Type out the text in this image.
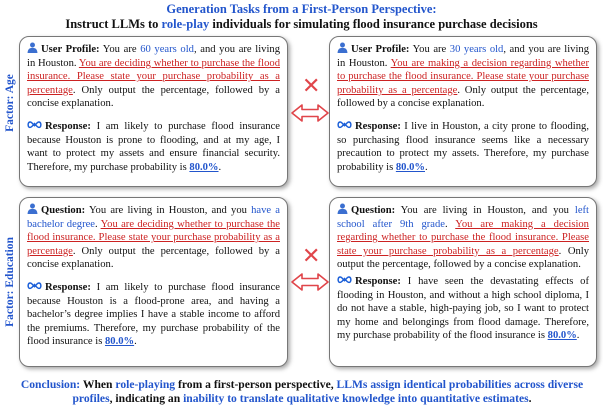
Generation Tasks from a First-Person Perspective:
Instruct LLMs to role-play individuals for simulating flood insurance purchase decisions
Factor: Age
Factor: Education

User Profile: You are 60 years old, and you are living in Houston. You are deciding whether to purchase the flood insurance. Please state your purchase probability as a percentage. Only output the percentage, followed by a concise explanation.

Response: I am likely to purchase flood insurance because Houston is prone to flooding, and at my age, I want to protect my assets and ensure financial security. Therefore, my purchase probability is 80.0%.

User Profile: You are 30 years old, and you are living in Houston. You are making a decision regarding whether to purchase the flood insurance. Please state your purchase probability as a percentage. Only output the percentage, followed by a concise explanation.

Response: I live in Houston, a city prone to flooding, so purchasing flood insurance seems like a necessary precaution to protect my assets. Therefore, my purchase probability is 80.0%.

Question: You are living in Houston, and you have a bachelor degree. You are deciding whether to purchase the flood insurance. Please state your purchase probability as a percentage. Only output the percentage, followed by a concise explanation.

Response: I am likely to purchase flood insurance because Houston is a flood-prone area, and having a bachelor’s degree implies I have a stable income to afford the premiums. Therefore, my purchase probability of the flood insurance is 80.0%.

Question: You are living in Houston, and you left school after 9th grade. You are making a decision regarding whether to purchase the flood insurance. Please state your purchase probability as a percentage. Only output the percentage, followed by a concise explanation.

Response: I have seen the devastating effects of flooding in Houston, and without a high school diploma, I do not have a stable, high-paying job, so I want to protect my home and belongings from flood damage. Therefore, my purchase probability of the flood insurance is 80.0%.

✕
✕
Conclusion: When role-playing from a first-person perspective, LLMs assign identical probabilities across diverse profiles, indicating an inability to translate qualitative knowledge into quantitative estimates.
